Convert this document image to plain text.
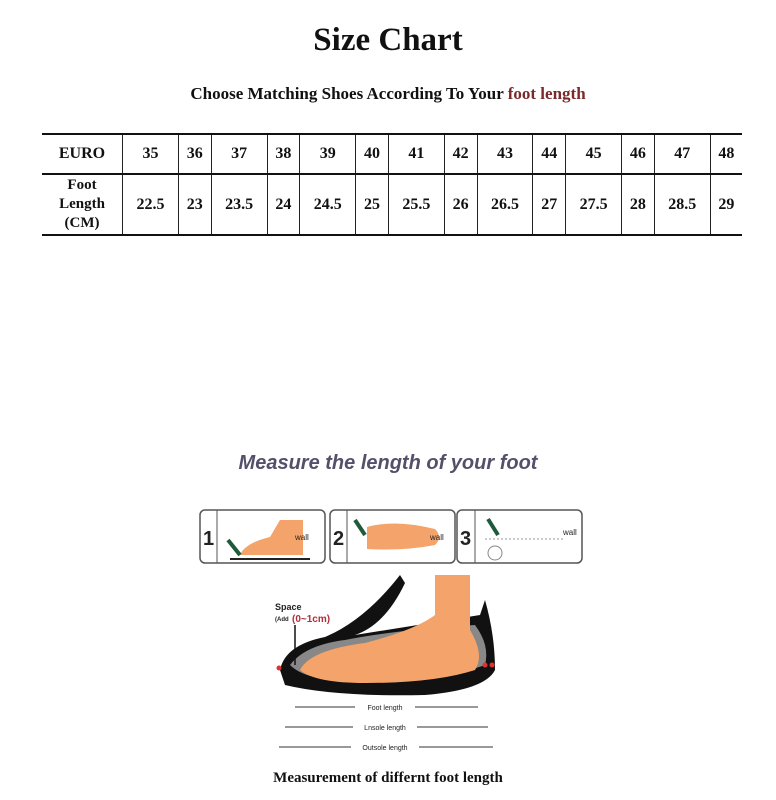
Size Chart
Choose Matching Shoes According To Your foot length
EURO	35	36	37	38	39	40	41	42	43	44	45	46	47	48

Foot
Length
(CM)	22.5	23	23.5	24	24.5	25	25.5	26	26.5	27	27.5	28	28.5	29
Measure the length of your foot
1	2	3
wall	wall
wall
Space
(Add (0~1cm)
Foot length
Lnsole length
Outsole length
Measurement of differnt foot length
